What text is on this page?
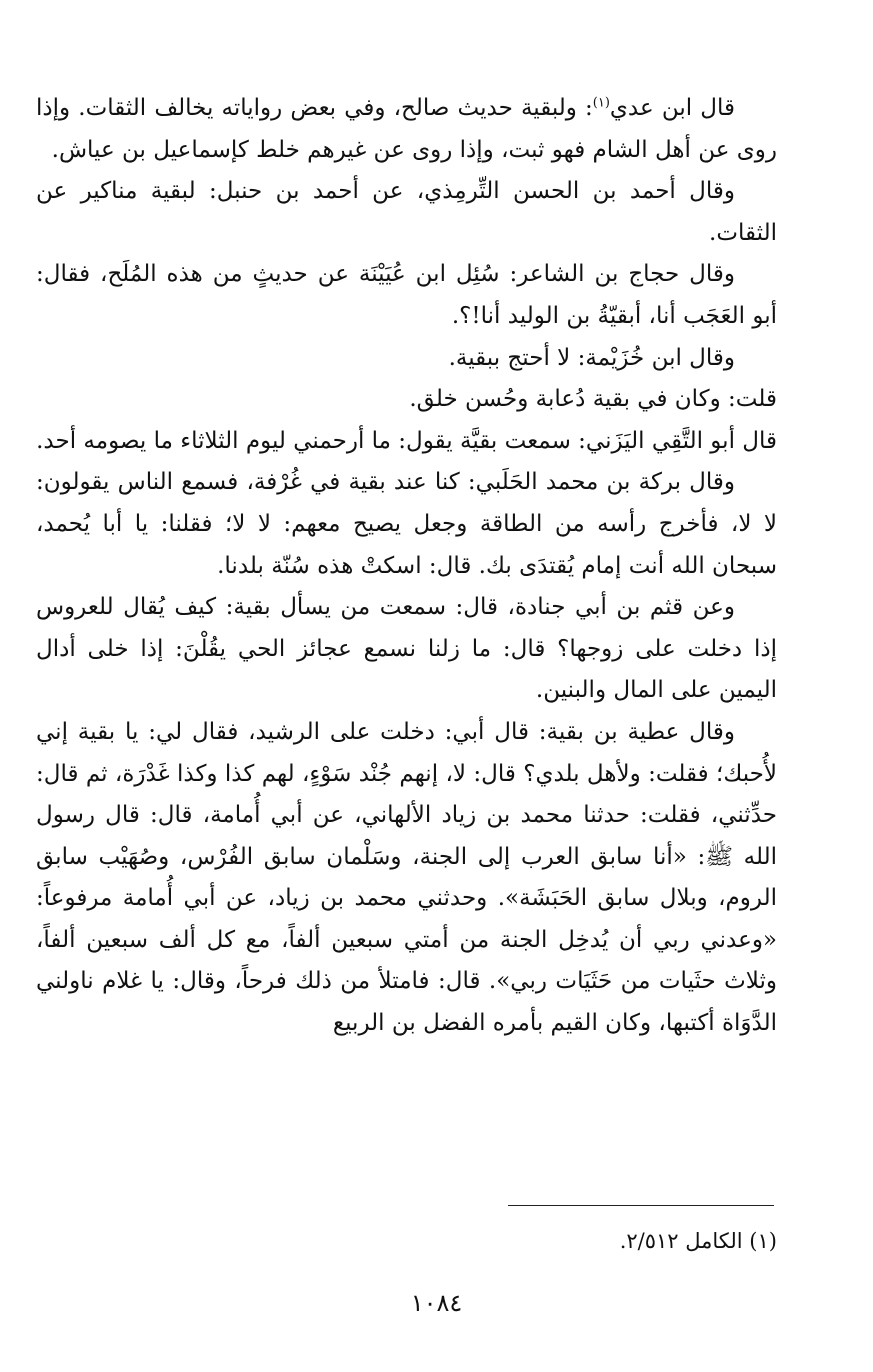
قال ابن عدي$^{(١)}$: ولبقية حديث صالح، وفي بعض رواياته يخالف الثقات. وإذا روى عن أهل الشام فهو ثبت، وإذا روى عن غيرهم خلط كإسماعيل بن عياش.

وقال أحمد بن الحسن التِّرمِذي، عن أحمد بن حنبل: لبقية مناكير عن الثقات.

وقال حجاج بن الشاعر: سُئِل ابن عُيَيْنَة عن حديثٍ من هذه المُلَح، فقال: أبو العَجَب أنا، أبقيّةُ بن الوليد أنا!؟.

وقال ابن خُزَيْمة: لا أحتج ببقية.

قلت: وكان في بقية دُعابة وحُسن خلق.

قال أبو التَّقِي اليَزَني: سمعت بقيَّة يقول: ما أرحمني ليوم الثلاثاء ما يصومه أحد.

وقال بركة بن محمد الحَلَبي: كنا عند بقية في غُرْفة، فسمع الناس يقولون: لا لا، فأخرج رأسه من الطاقة وجعل يصيح معهم: لا لا؛ فقلنا: يا أبا يُحمد، سبحان الله أنت إمام يُقتدَى بك. قال: اسكتْ هذه سُنّة بلدنا.

وعن قثم بن أبي جنادة، قال: سمعت من يسأل بقية: كيف يُقال للعروس إذا دخلت على زوجها؟ قال: ما زلنا نسمع عجائز الحي يقُلْنَ: إذا خلى أدال اليمين على المال والبنين.

وقال عطية بن بقية: قال أبي: دخلت على الرشيد، فقال لي: يا بقية إني لأُحبك؛ فقلت: ولأهل بلدي؟ قال: لا، إنهم جُنْد سَوْءٍ، لهم كذا وكذا غَدْرَة، ثم قال: حدِّثني، فقلت: حدثنا محمد بن زياد الألهاني، عن أبي أُمامة، قال: قال رسول الله ﷺ: «أنا سابق العرب إلى الجنة، وسَلْمان سابق الفُرْس، وصُهَيْب سابق الروم، وبلال سابق الحَبَشَة». وحدثني محمد بن زياد، عن أبي أُمامة مرفوعاً: «وعدني ربي أن يُدخِل الجنة من أمتي سبعين ألفاً، مع كل ألف سبعين ألفاً، وثلاث حثَيات من حَثَيَات ربي». قال: فامتلأ من ذلك فرحاً، وقال: يا غلام ناولني الدَّوَاة أكتبها، وكان القيم بأمره الفضل بن الربيع

(١) الكامل ٢/٥١٢.

١٠٨٤
